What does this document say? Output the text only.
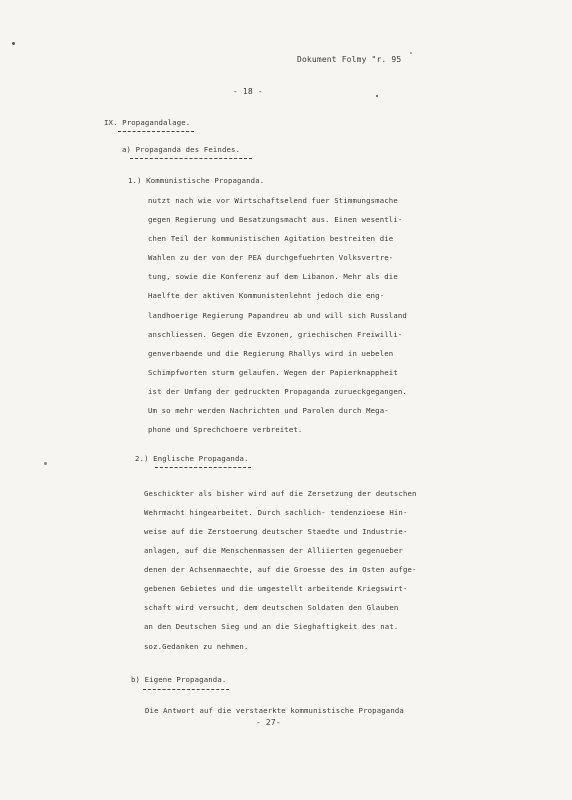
Dokument Folmy "r. 95
- 18 -
IX. Propagandalage.
a) Propaganda des Feindes.
1.) Kommunistische Propaganda.
nutzt nach wie vor Wirtschaftselend fuer Stimmungsmache
gegen Regierung und Besatzungsmacht aus. Einen wesentli-
chen Teil der kommunistischen Agitation bestreiten die
Wahlen zu der von der PEA durchgefuehrten Volksvertre-
tung, sowie die Konferenz auf dem Libanon. Mehr als die
Haelfte der aktiven Kommunistenlehnt jedoch die eng-
landhoerige Regierung Papandreu ab und will sich Russland
anschliessen. Gegen die Evzonen, griechischen Freiwilli-
genverbaende und die Regierung Rhallys wird in uebelen
Schimpfworten sturm gelaufen. Wegen der Papierknappheit
ist der Umfang der gedruckten Propaganda zurueckgegangen.
Um so mehr werden Nachrichten und Parolen durch Mega-
phone und Sprechchoere verbreitet.
2.) Englische Propaganda.
Geschickter als bisher wird auf die Zersetzung der deutschen
Wehrmacht hingearbeitet. Durch sachlich- tendenzioese Hin-
weise auf die Zerstoerung deutscher Staedte und Industrie-
anlagen, auf die Menschenmassen der Alliierten gegenueber
denen der Achsenmaechte, auf die Groesse des im Osten aufge-
gebenen Gebietes und die umgestellt arbeitende Kriegswirt-
schaft wird versucht, dem deutschen Soldaten den Glauben
an den Deutschen Sieg und an die Sieghaftigkeit des nat.
soz.Gedanken zu nehmen.
b) Eigene Propaganda.
Die Antwort auf die verstaerkte kommunistische Propaganda
- 27-
